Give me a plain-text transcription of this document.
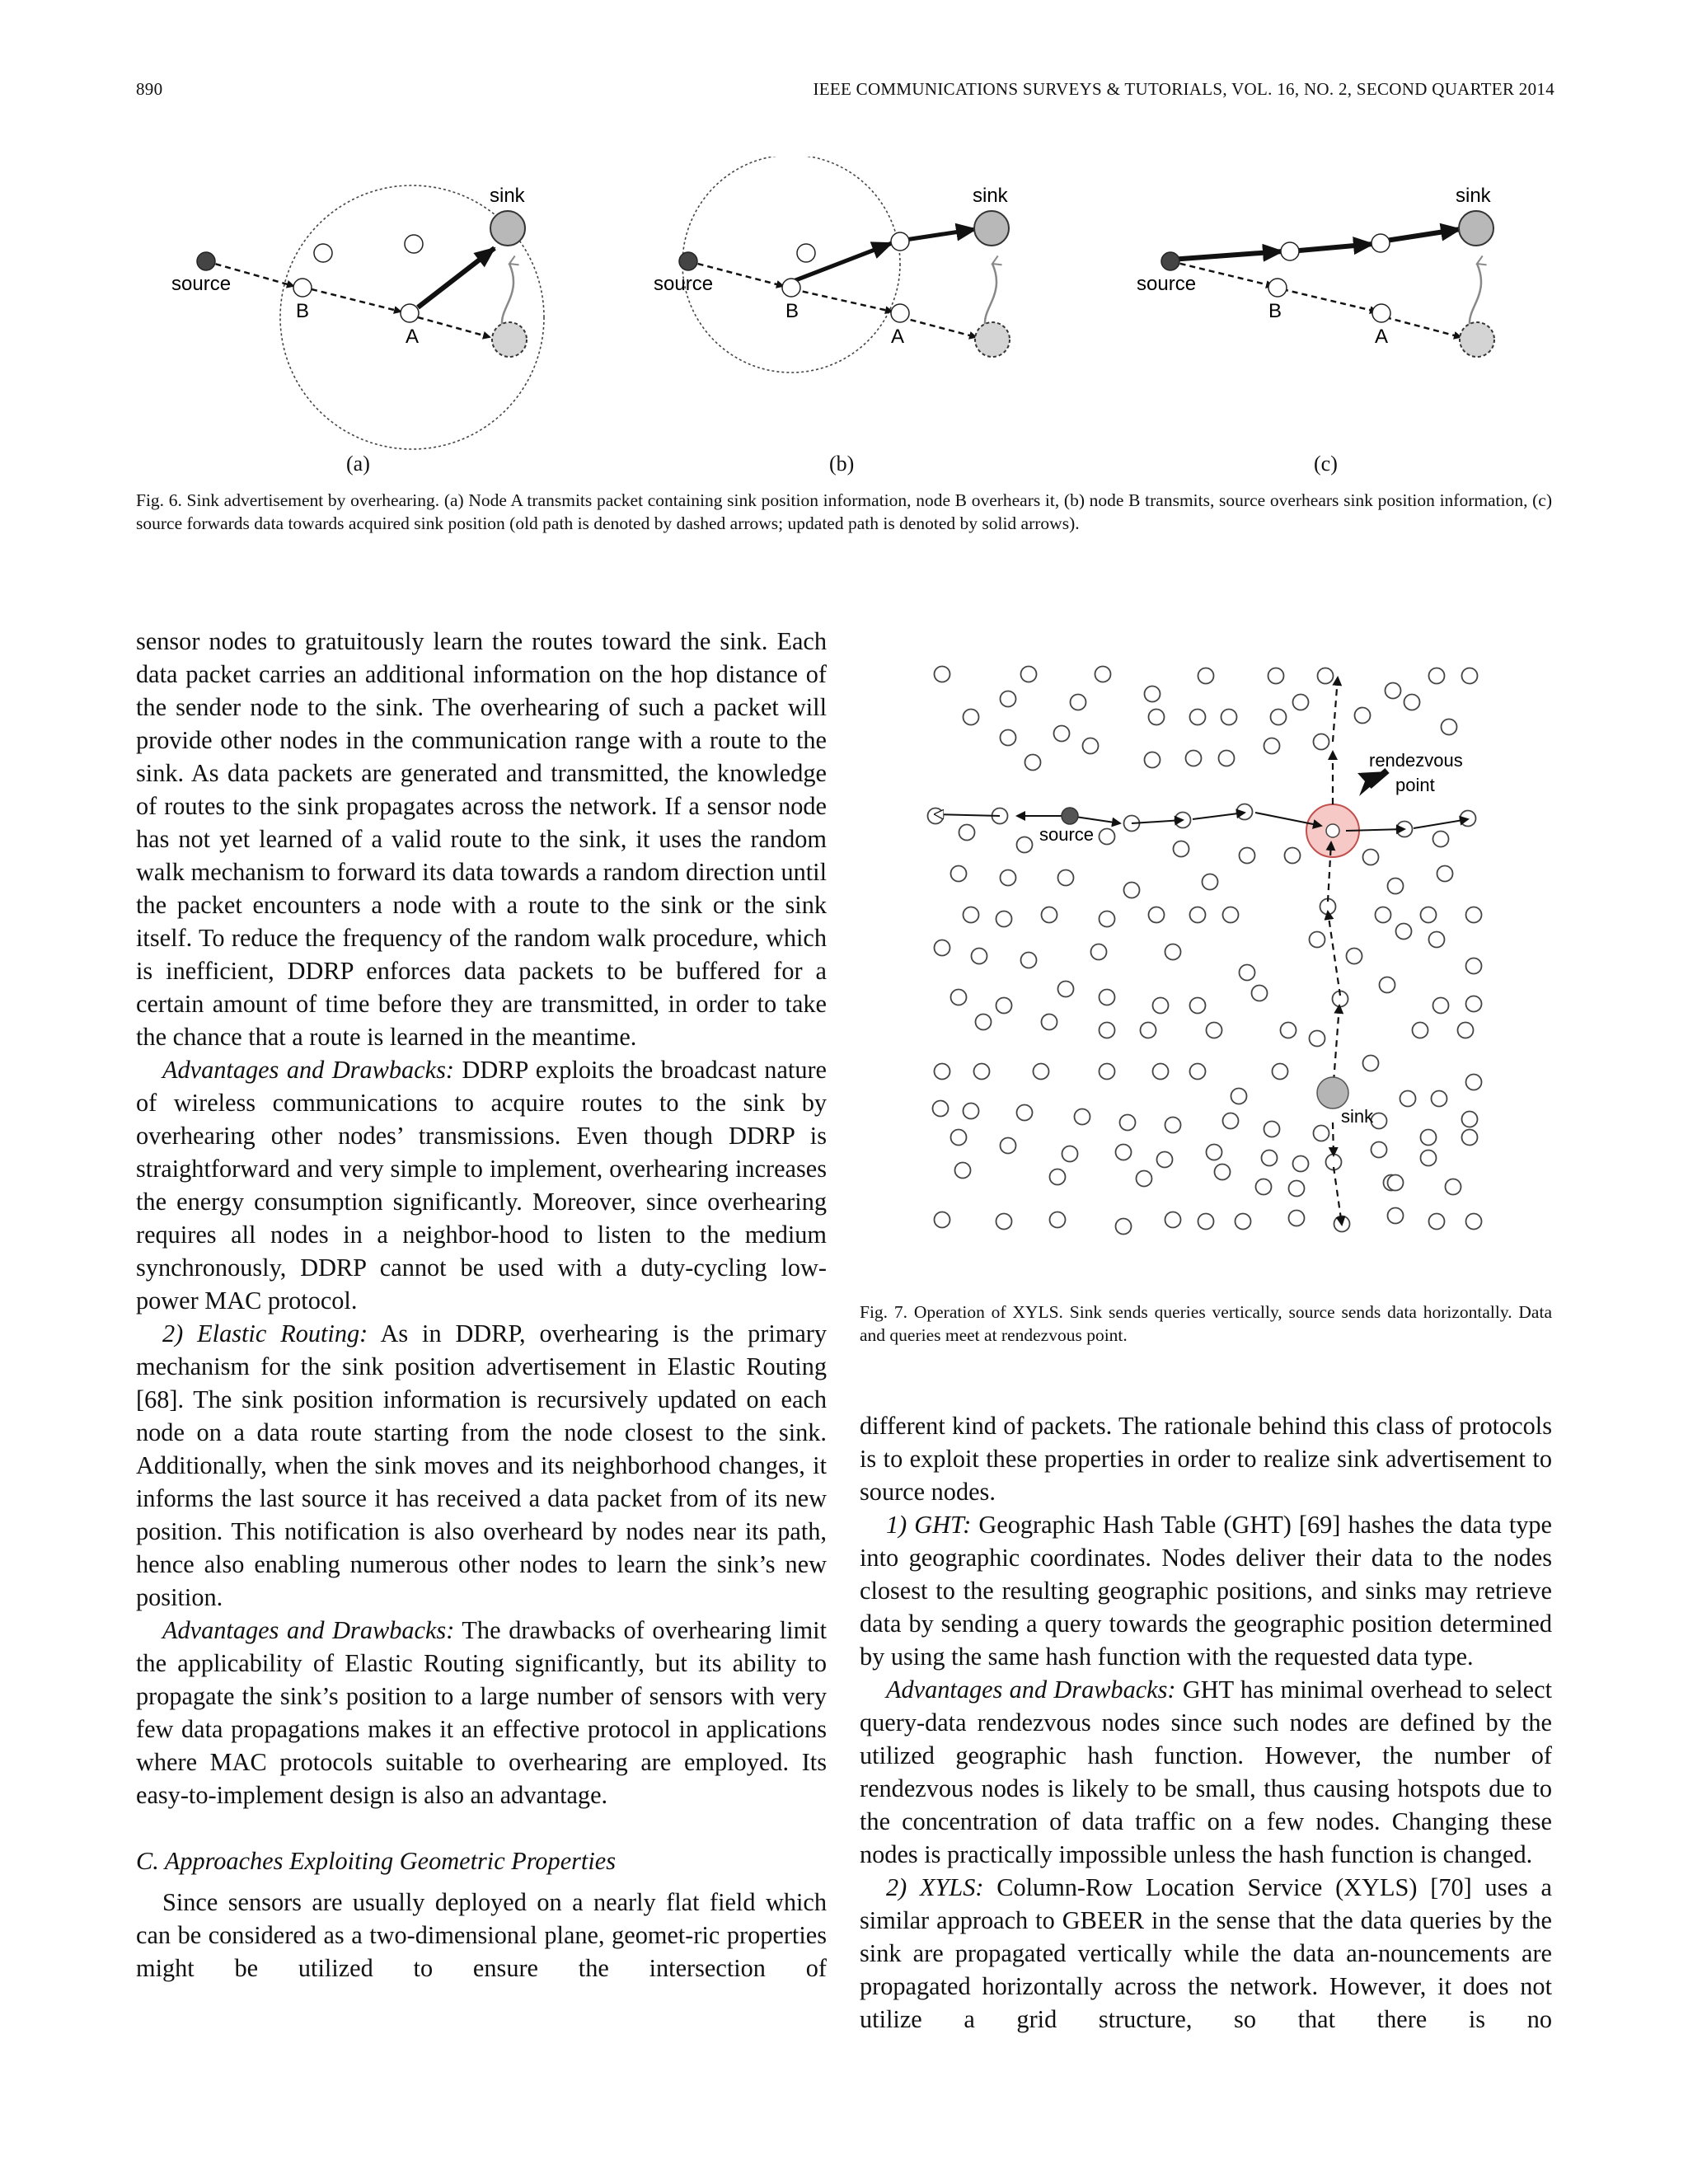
890	IEEE COMMUNICATIONS SURVEYS & TUTORIALS, VOL. 16, NO. 2, SECOND QUARTER 2014
source
B
A
sink
source
B
A
sink
source
B
A
sink
(a)	(b)	(c)
Fig. 6. Sink advertisement by overhearing. (a) Node A transmits packet containing sink position information, node B overhears it, (b) node B transmits, source overhears sink position information, (c) source forwards data towards acquired sink position (old path is denoted by dashed arrows; updated path is denoted by solid arrows).
source
sink
rendezvous
point
Fig. 7. Operation of XYLS. Sink sends queries vertically, source sends data horizontally. Data and queries meet at rendezvous point.

sensor nodes to gratuitously learn the routes toward the sink. Each data packet carries an additional information on the hop distance of the sender node to the sink. The overhearing of such a packet will provide other nodes in the communication range with a route to the sink. As data packets are generated and transmitted, the knowledge of routes to the sink propagates across the network. If a sensor node has not yet learned of a valid route to the sink, it uses the random walk mechanism to forward its data towards a random direction until the packet encounters a node with a route to the sink or the sink itself. To reduce the frequency of the random walk procedure, which is inefficient, DDRP enforces data packets to be buffered for a certain amount of time before they are transmitted, in order to take the chance that a route is learned in the meantime.

Advantages and Drawbacks: DDRP exploits the broadcast nature of wireless communications to acquire routes to the sink by overhearing other nodes’ transmissions. Even though DDRP is straightforward and very simple to implement, overhearing increases the energy consumption significantly. Moreover, since overhearing requires all nodes in a neighbor-hood to listen to the medium synchronously, DDRP cannot be used with a duty-cycling low-power MAC protocol.

2) Elastic Routing: As in DDRP, overhearing is the primary mechanism for the sink position advertisement in Elastic Routing [68]. The sink position information is recursively updated on each node on a data route starting from the node closest to the sink. Additionally, when the sink moves and its neighborhood changes, it informs the last source it has received a data packet from of its new position. This notification is also overheard by nodes near its path, hence also enabling numerous other nodes to learn the sink’s new position.

Advantages and Drawbacks: The drawbacks of overhearing limit the applicability of Elastic Routing significantly, but its ability to propagate the sink’s position to a large number of sensors with very few data propagations makes it an effective protocol in applications where MAC protocols suitable to overhearing are employed. Its easy-to-implement design is also an advantage.

C. Approaches Exploiting Geometric Properties

Since sensors are usually deployed on a nearly flat field which can be considered as a two-dimensional plane, geomet-ric properties might be utilized to ensure the intersection of

different kind of packets. The rationale behind this class of protocols is to exploit these properties in order to realize sink advertisement to source nodes.

1) GHT: Geographic Hash Table (GHT) [69] hashes the data type into geographic coordinates. Nodes deliver their data to the nodes closest to the resulting geographic positions, and sinks may retrieve data by sending a query towards the geographic position determined by using the same hash function with the requested data type.

Advantages and Drawbacks: GHT has minimal overhead to select query-data rendezvous nodes since such nodes are defined by the utilized geographic hash function. However, the number of rendezvous nodes is likely to be small, thus causing hotspots due to the concentration of data traffic on a few nodes. Changing these nodes is practically impossible unless the hash function is changed.

2) XYLS: Column-Row Location Service (XYLS) [70] uses a similar approach to GBEER in the sense that the data queries by the sink are propagated vertically while the data an-nouncements are propagated horizontally across the network. However, it does not utilize a grid structure, so that there is no
